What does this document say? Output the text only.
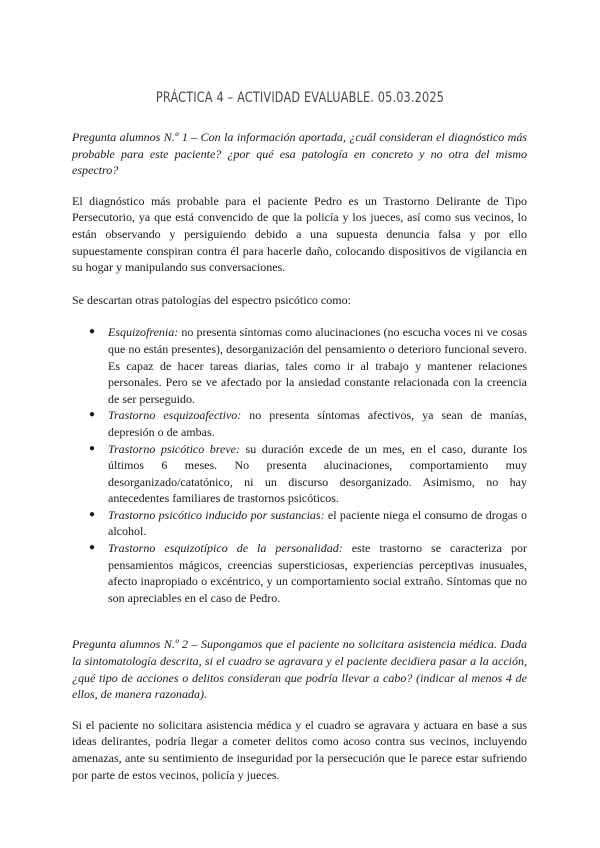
PRÁCTICA 4 – ACTIVIDAD EVALUABLE. 05.03.2025

Pregunta alumnos N.º 1 – Con la información aportada, ¿cuál consideran el diagnóstico más probable para este paciente? ¿por qué esa patología en concreto y no otra del mismo espectro?

El diagnóstico más probable para el paciente Pedro es un Trastorno Delirante de Tipo Persecutorio, ya que está convencido de que la policía y los jueces, así como sus vecinos, lo están observando y persiguiendo debido a una supuesta denuncia falsa y por ello supuestamente conspiran contra él para hacerle daño, colocando dispositivos de vigilancia en su hogar y manipulando sus conversaciones.

Se descartan otras patologías del espectro psicótico como:

● Esquizofrenia: no presenta síntomas como alucinaciones (no escucha voces ni ve cosas que no están presentes), desorganización del pensamiento o deterioro funcional severo. Es capaz de hacer tareas diarias, tales como ir al trabajo y mantener relaciones personales. Pero se ve afectado por la ansiedad constante relacionada con la creencia de ser perseguido.
● Trastorno esquizoafectivo: no presenta síntomas afectivos, ya sean de manías, depresión o de ambas.
● Trastorno psicótico breve: su duración excede de un mes, en el caso, durante los últimos 6 meses. No presenta alucinaciones, comportamiento muy desorganizado/catatónico, ni un discurso desorganizado. Asimismo, no hay antecedentes familiares de trastornos psicóticos.
● Trastorno psicótico inducido por sustancias: el paciente niega el consumo de drogas o alcohol.
● Trastorno esquizotípico de la personalidad: este trastorno se caracteriza por pensamientos mágicos, creencias supersticiosas, experiencias perceptivas inusuales, afecto inapropiado o excéntrico, y un comportamiento social extraño. Síntomas que no son apreciables en el caso de Pedro.

Pregunta alumnos N.º 2 – Supongamos que el paciente no solicitara asistencia médica. Dada la sintomatología descrita, si el cuadro se agravara y el paciente decidiera pasar a la acción, ¿qué tipo de acciones o delitos consideran que podría llevar a cabo? (indicar al menos 4 de ellos, de manera razonada).

Si el paciente no solicitara asistencia médica y el cuadro se agravara y actuara en base a sus ideas delirantes, podría llegar a cometer delitos como acoso contra sus vecinos, incluyendo amenazas, ante su sentimiento de inseguridad por la persecución que le parece estar sufriendo por parte de estos vecinos, policía y jueces.
